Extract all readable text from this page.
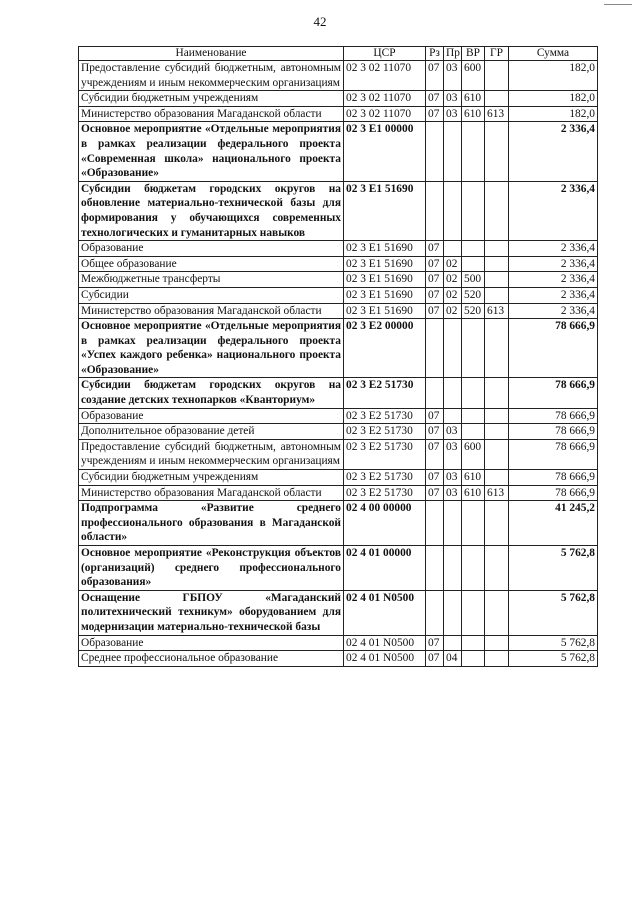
42
Наименование	ЦСР	Рз	Пр	ВР	ГР	Сумма
Предоставление субсидий бюджетным, автономным учреждениям и иным некоммерческим организациям	02 3 02 11070	07	03	600		182,0
Субсидии бюджетным учреждениям	02 3 02 11070	07	03	610		182,0
Министерство образования Магаданской области	02 3 02 11070	07	03	610	613	182,0
Основное мероприятие «Отдельные мероприятия в рамках реализации федерального проекта «Современная школа» национального проекта «Образование»	02 3 E1 00000					2 336,4
Субсидии бюджетам городских округов на обновление материально-технической базы для формирования у обучающихся современных технологических и гуманитарных навыков	02 3 E1 51690					2 336,4
Образование	02 3 E1 51690	07				2 336,4
Общее образование	02 3 E1 51690	07	02			2 336,4
Межбюджетные трансферты	02 3 E1 51690	07	02	500		2 336,4
Субсидии	02 3 E1 51690	07	02	520		2 336,4
Министерство образования Магаданской области	02 3 E1 51690	07	02	520	613	2 336,4
Основное мероприятие «Отдельные мероприятия в рамках реализации федерального проекта «Успех каждого ребенка» национального проекта «Образование»	02 3 E2 00000					78 666,9
Субсидии бюджетам городских округов на создание детских технопарков «Кванториум»	02 3 E2 51730					78 666,9
Образование	02 3 E2 51730	07				78 666,9
Дополнительное образование детей	02 3 E2 51730	07	03			78 666,9
Предоставление субсидий бюджетным, автономным учреждениям и иным некоммерческим организациям	02 3 E2 51730	07	03	600		78 666,9
Субсидии бюджетным учреждениям	02 3 E2 51730	07	03	610		78 666,9
Министерство образования Магаданской области	02 3 E2 51730	07	03	610	613	78 666,9
Подпрограмма «Развитие среднего профессионального образования в Магаданской области»	02 4 00 00000					41 245,2
Основное мероприятие «Реконструкция объектов (организаций) среднего профессионального образования»	02 4 01 00000					5 762,8
Оснащение ГБПОУ «Магаданский политехнический техникум» оборудованием для модернизации материально-технической базы	02 4 01 N0500					5 762,8
Образование	02 4 01 N0500	07				5 762,8
Среднее профессиональное образование	02 4 01 N0500	07	04			5 762,8
